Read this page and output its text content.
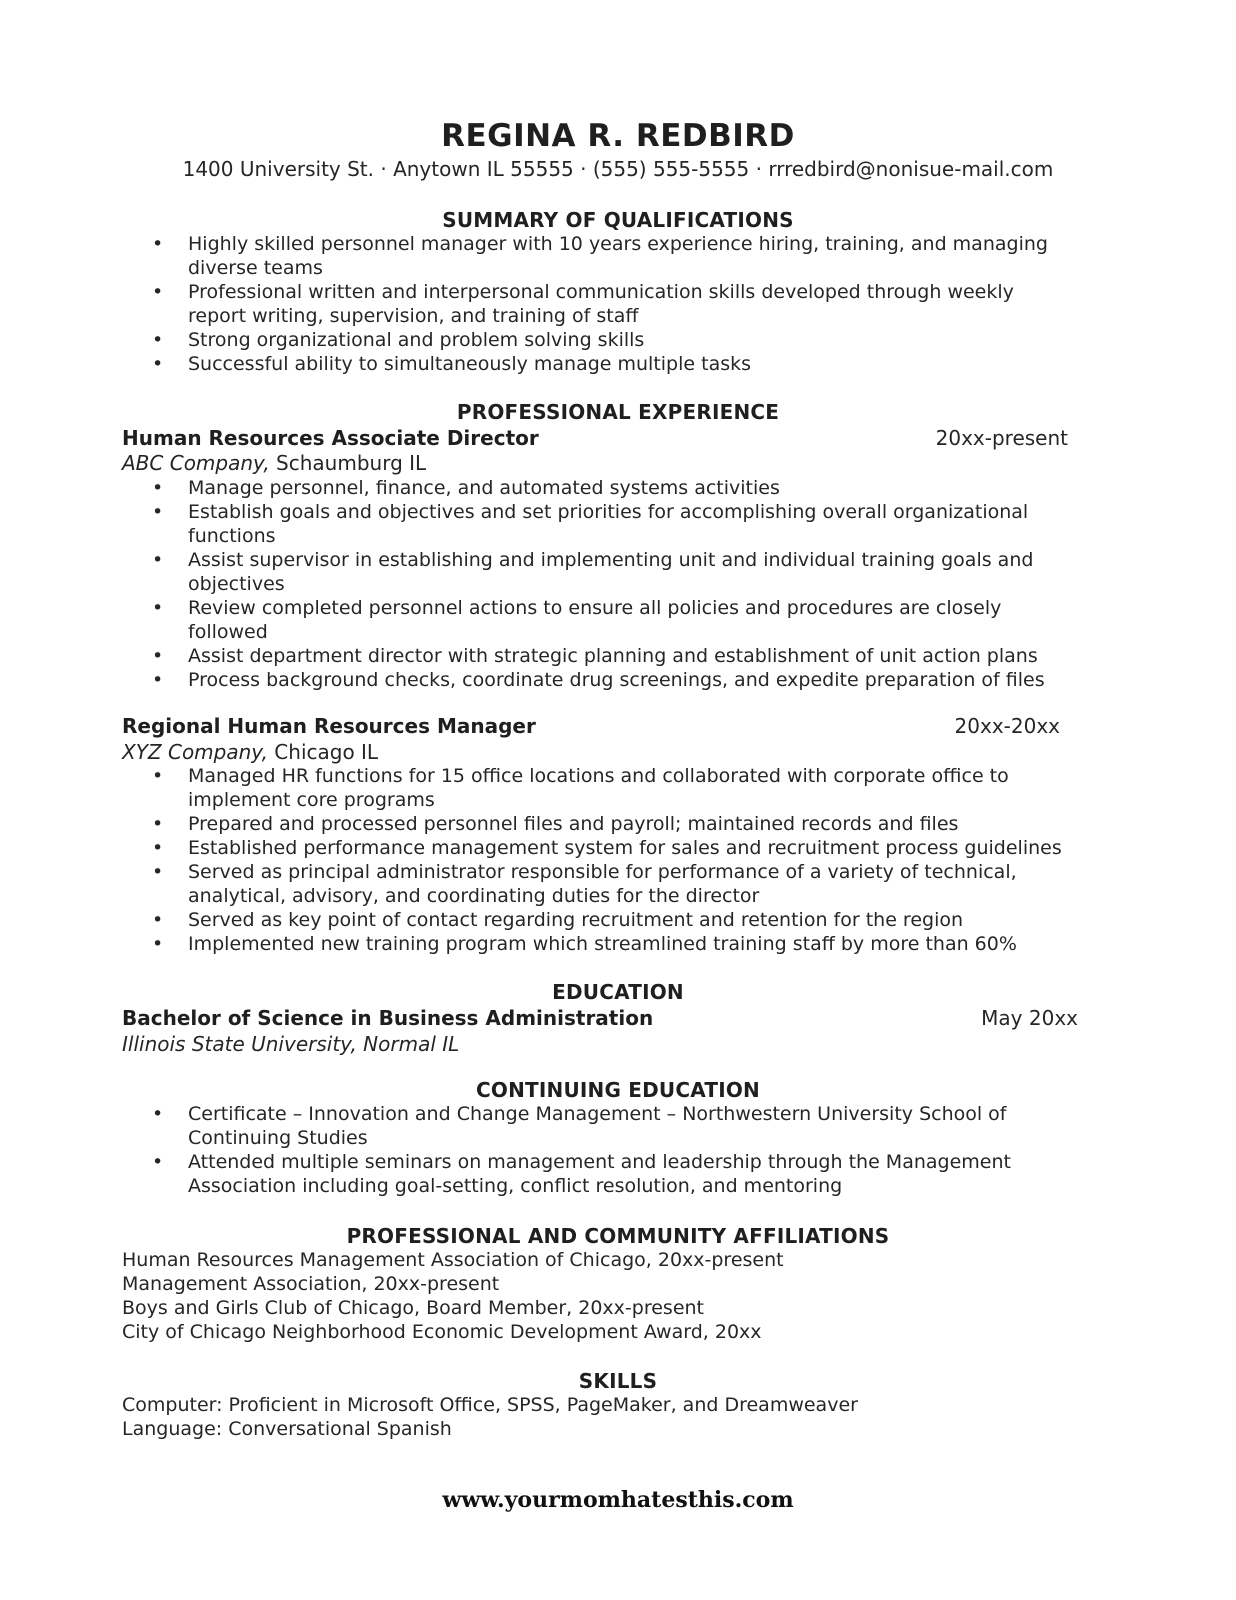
REGINA R. REDBIRD

1400 University St. · Anytown IL 55555 · (555) 555-5555 · rrredbird@nonisue-mail.com

SUMMARY OF QUALIFICATIONS
• Highly skilled personnel manager with 10 years experience hiring, training, and managing diverse teams
• Professional written and interpersonal communication skills developed through weekly report writing, supervision, and training of staff
• Strong organizational and problem solving skills
• Successful ability to simultaneously manage multiple tasks
PROFESSIONAL EXPERIENCE

Human Resources Associate Director	20xx-present

ABC Company, Schaumburg IL

• Manage personnel, finance, and automated systems activities
• Establish goals and objectives and set priorities for accomplishing overall organizational functions
• Assist supervisor in establishing and implementing unit and individual training goals and objectives
• Review completed personnel actions to ensure all policies and procedures are closely followed
• Assist department director with strategic planning and establishment of unit action plans
• Process background checks, coordinate drug screenings, and expedite preparation of files

Regional Human Resources Manager	20xx-20xx

XYZ Company, Chicago IL

• Managed HR functions for 15 office locations and collaborated with corporate office to implement core programs
• Prepared and processed personnel files and payroll; maintained records and files
• Established performance management system for sales and recruitment process guidelines
• Served as principal administrator responsible for performance of a variety of technical, analytical, advisory, and coordinating duties for the director
• Served as key point of contact regarding recruitment and retention for the region
• Implemented new training program which streamlined training staff by more than 60%
EDUCATION

Bachelor of Science in Business Administration	May 20xx

Illinois State University, Normal IL

CONTINUING EDUCATION
• Certificate – Innovation and Change Management – Northwestern University School of Continuing Studies
• Attended multiple seminars on management and leadership through the Management Association including goal-setting, conflict resolution, and mentoring
PROFESSIONAL AND COMMUNITY AFFILIATIONS
Human Resources Management Association of Chicago, 20xx-present
Management Association, 20xx-present
Boys and Girls Club of Chicago, Board Member, 20xx-present
City of Chicago Neighborhood Economic Development Award, 20xx
SKILLS
Computer: Proficient in Microsoft Office, SPSS, PageMaker, and Dreamweaver
Language: Conversational Spanish

www.yourmomhatesthis.com
